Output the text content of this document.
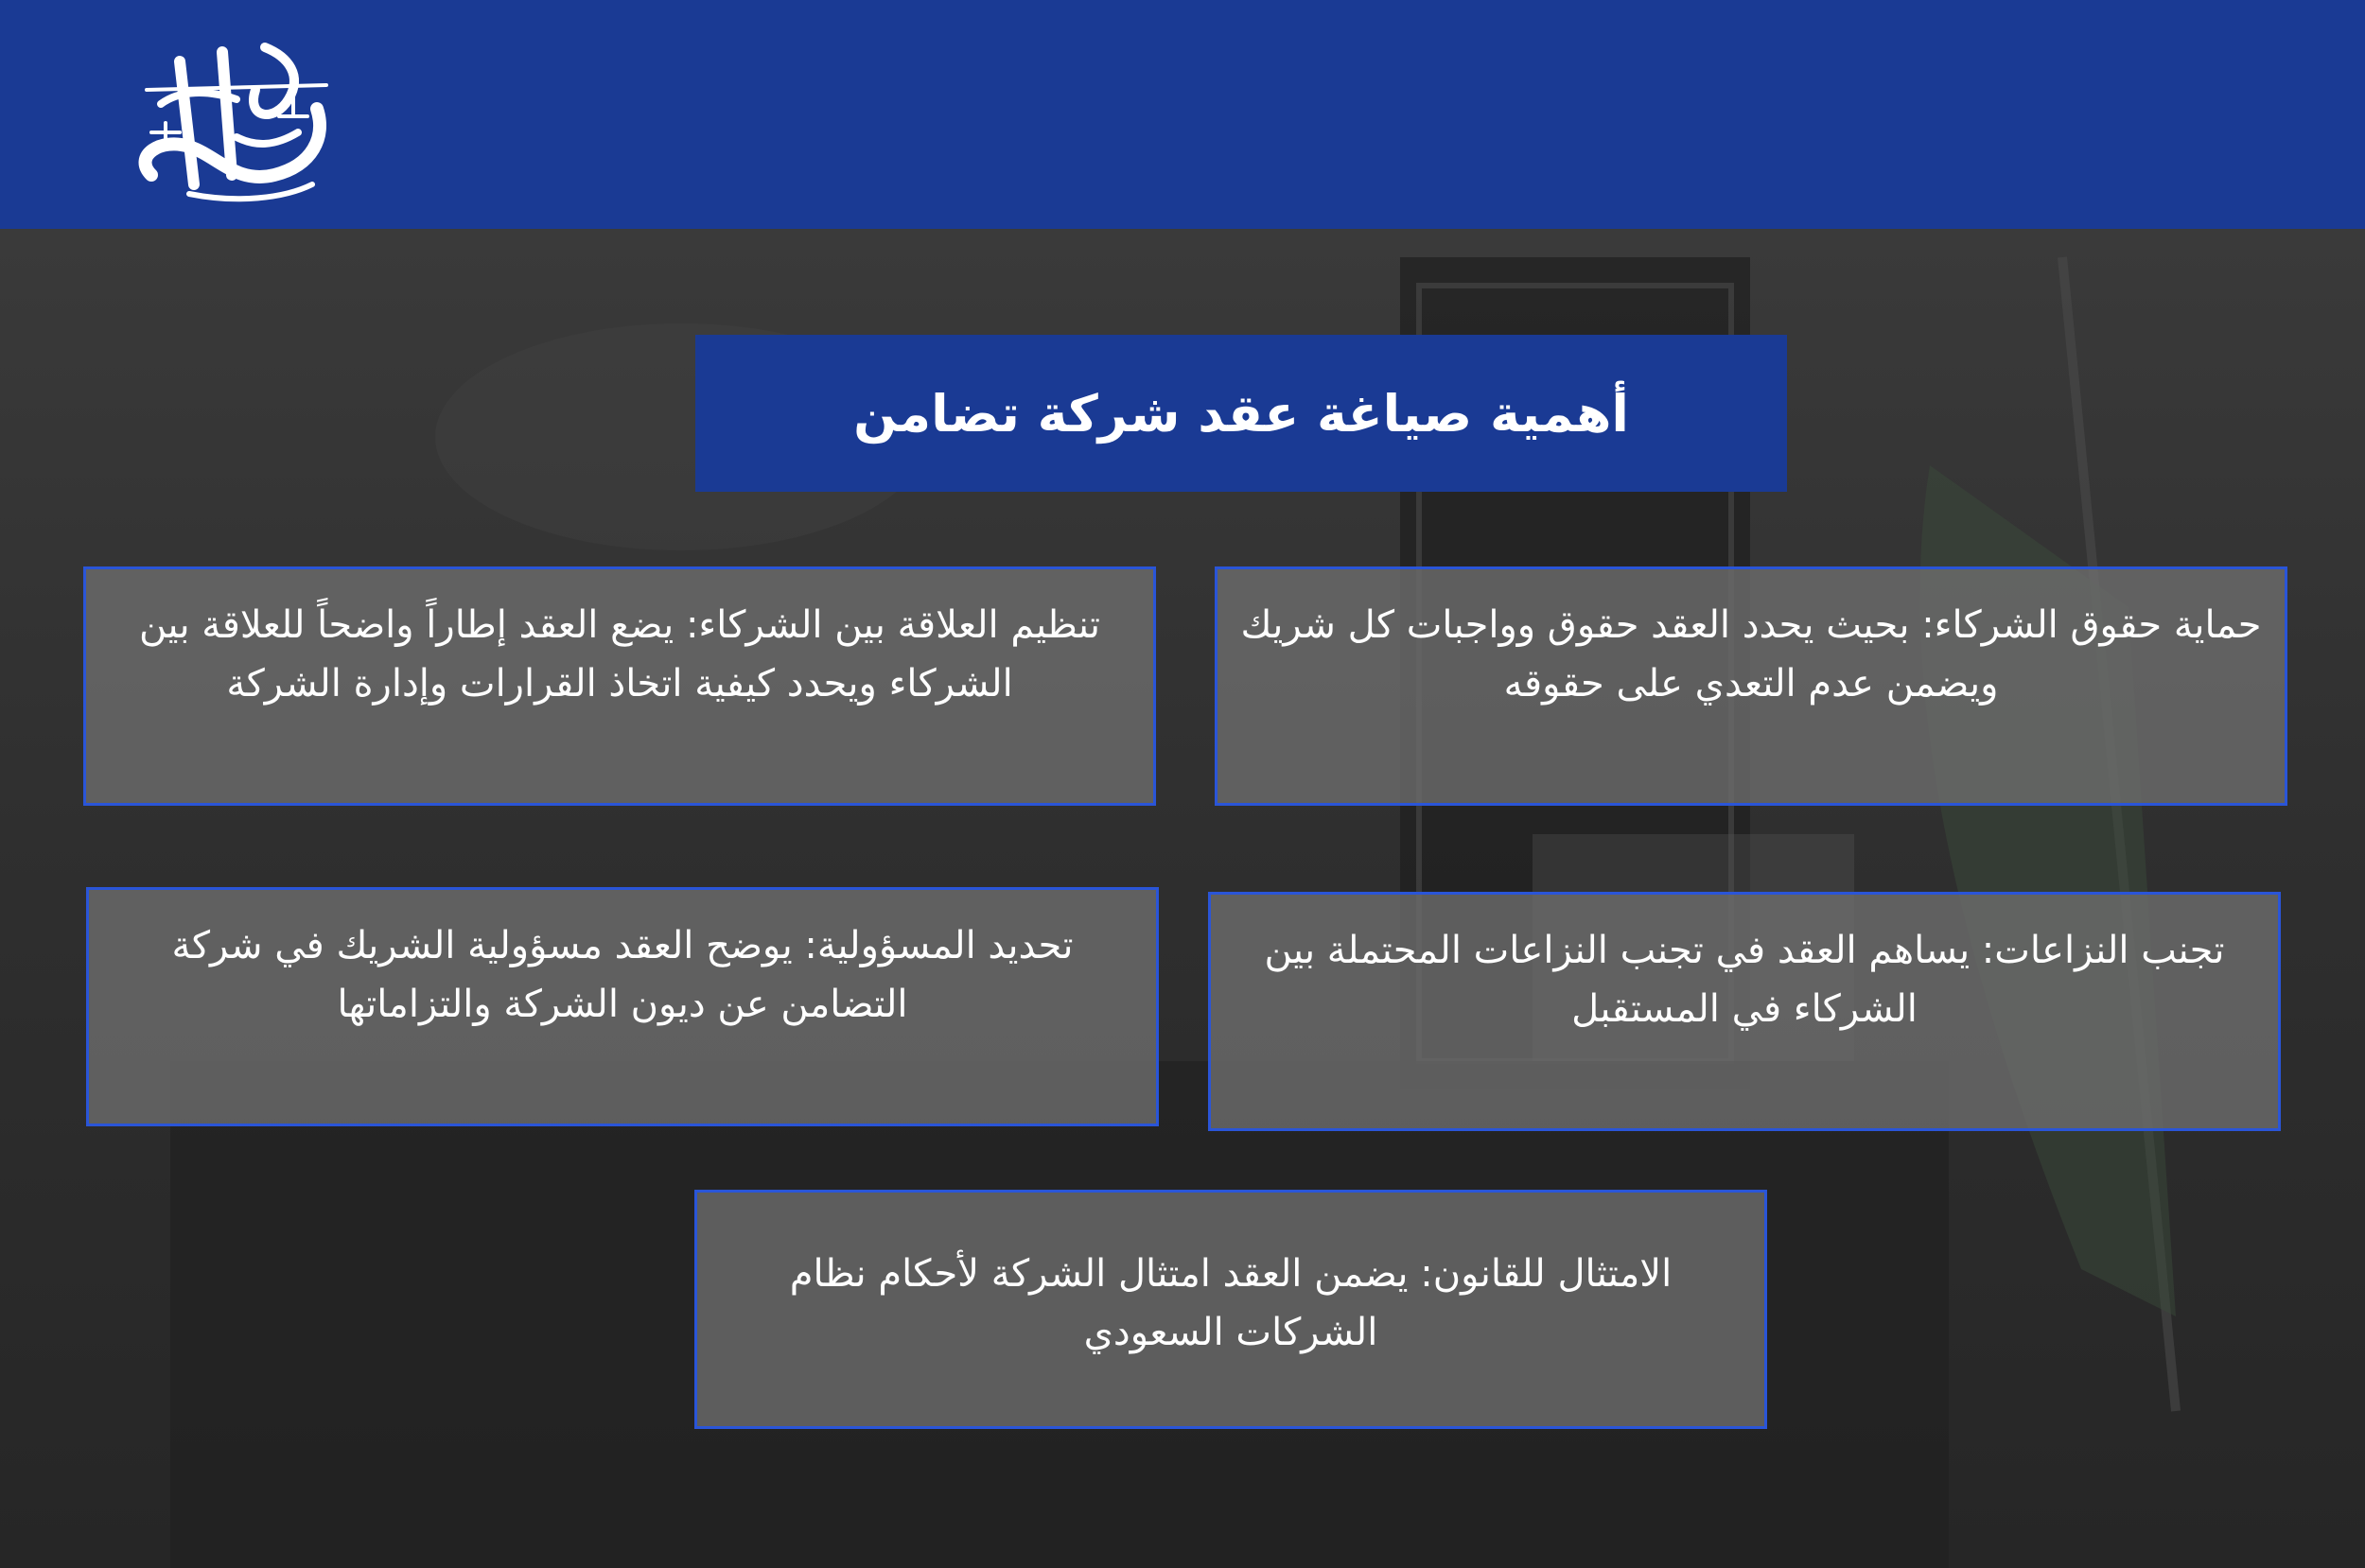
أهمية صياغة عقد شركة تضامن
حماية حقوق الشركاء: بحيث يحدد العقد حقوق وواجبات كل شريك ويضمن عدم التعدي على حقوقه
تنظيم العلاقة بين الشركاء: يضع العقد إطاراً واضحاً للعلاقة بين الشركاء ويحدد كيفية اتخاذ القرارات وإدارة الشركة
تجنب النزاعات: يساهم العقد في تجنب النزاعات المحتملة بين الشركاء في المستقبل
تحديد المسؤولية: يوضح العقد مسؤولية الشريك في شركة التضامن عن ديون الشركة والتزاماتها
الامتثال للقانون: يضمن العقد امتثال الشركة لأحكام نظام الشركات السعودي
